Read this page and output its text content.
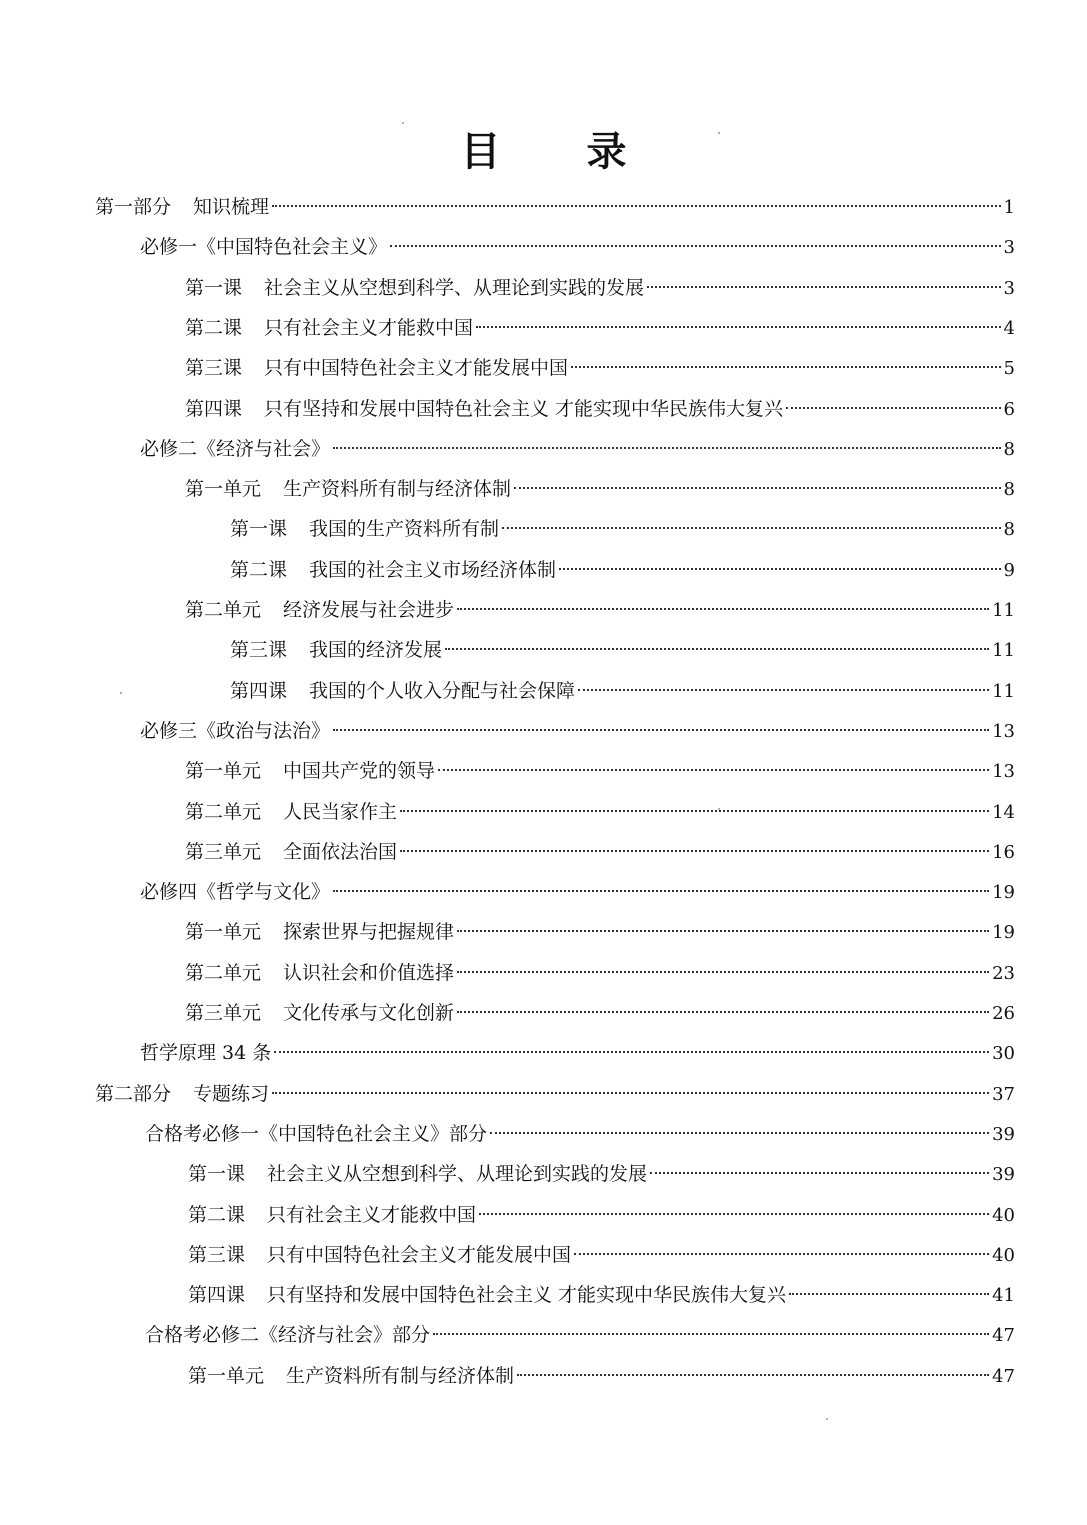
目 录
第一部分 知识梳理	1
必修一《中国特色社会主义》	3
第一课 社会主义从空想到科学、从理论到实践的发展	3
第二课 只有社会主义才能救中国	4
第三课 只有中国特色社会主义才能发展中国	5
第四课 只有坚持和发展中国特色社会主义 才能实现中华民族伟大复兴	6
必修二《经济与社会》	8
第一单元 生产资料所有制与经济体制	8
第一课 我国的生产资料所有制	8
第二课 我国的社会主义市场经济体制	9
第二单元 经济发展与社会进步	11
第三课 我国的经济发展	11
第四课 我国的个人收入分配与社会保障	11
必修三《政治与法治》	13
第一单元 中国共产党的领导	13
第二单元 人民当家作主	14
第三单元 全面依法治国	16
必修四《哲学与文化》	19
第一单元 探索世界与把握规律	19
第二单元 认识社会和价值选择	23
第三单元 文化传承与文化创新	26
哲学原理 34 条	30
第二部分 专题练习	37
合格考必修一《中国特色社会主义》部分	39
第一课 社会主义从空想到科学、从理论到实践的发展	39
第二课 只有社会主义才能救中国	40
第三课 只有中国特色社会主义才能发展中国	40
第四课 只有坚持和发展中国特色社会主义 才能实现中华民族伟大复兴	41
合格考必修二《经济与社会》部分	47
第一单元 生产资料所有制与经济体制	47
